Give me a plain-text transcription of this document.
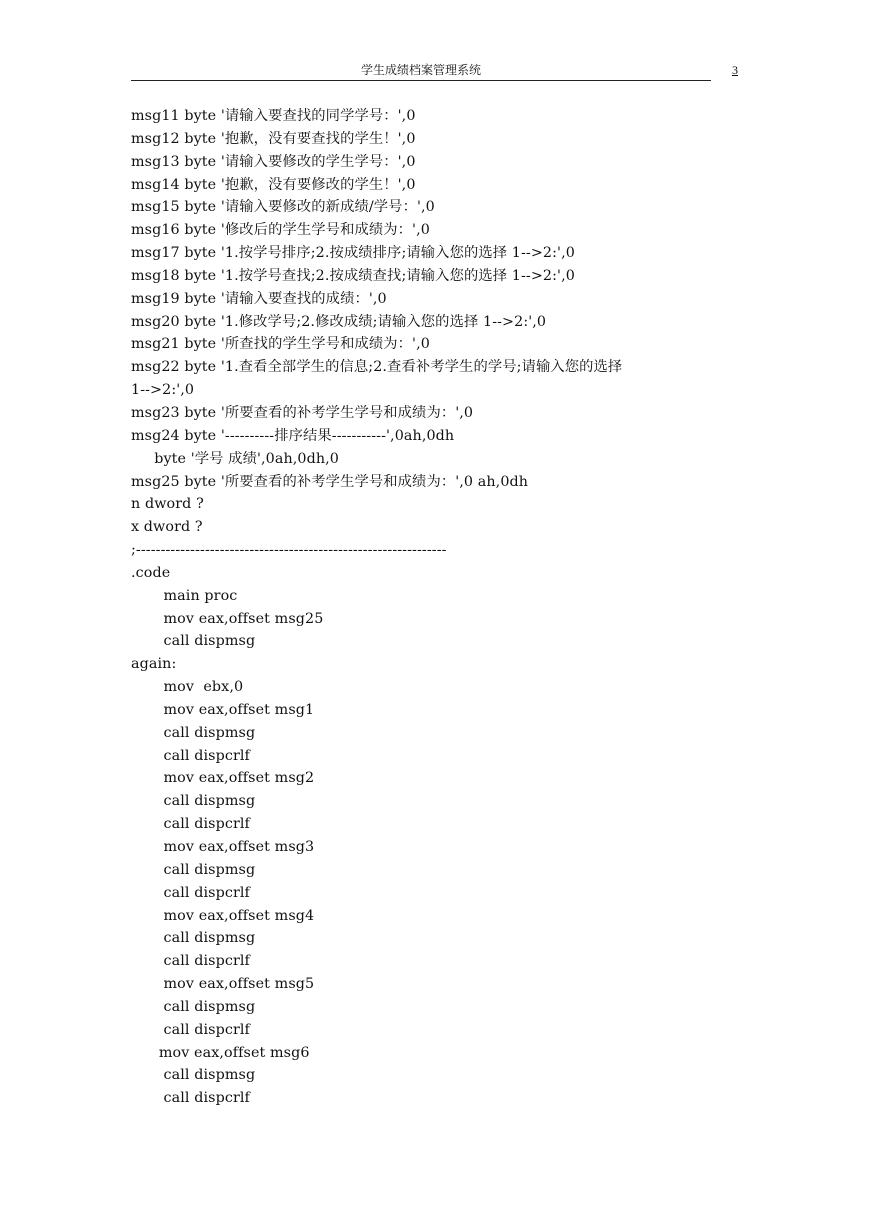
学生成绩档案管理系统	3
msg11 byte '请输入要查找的同学学号：',0
msg12 byte '抱歉，没有要查找的学生！',0
msg13 byte '请输入要修改的学生学号：',0
msg14 byte '抱歉，没有要修改的学生！',0
msg15 byte '请输入要修改的新成绩/学号：',0
msg16 byte '修改后的学生学号和成绩为：',0
msg17 byte '1.按学号排序;2.按成绩排序;请输入您的选择 1-->2:',0
msg18 byte '1.按学号查找;2.按成绩查找;请输入您的选择 1-->2:',0
msg19 byte '请输入要查找的成绩：',0
msg20 byte '1.修改学号;2.修改成绩;请输入您的选择 1-->2:',0
msg21 byte '所查找的学生学号和成绩为：',0
msg22 byte '1.查看全部学生的信息;2.查看补考学生的学号;请输入您的选择
1-->2:',0
msg23 byte '所要查看的补考学生学号和成绩为：',0
msg24 byte '----------排序结果-----------',0ah,0dh
byte '学号 成绩',0ah,0dh,0
msg25 byte '所要查看的补考学生学号和成绩为：',0 ah,0dh
n dword ?
x dword ?
;---------------------------------------------------------------
.code
main proc
mov eax,offset msg25
call dispmsg
again:
mov  ebx,0
mov eax,offset msg1
call dispmsg
call dispcrlf
mov eax,offset msg2
call dispmsg
call dispcrlf
mov eax,offset msg3
call dispmsg
call dispcrlf
mov eax,offset msg4
call dispmsg
call dispcrlf
mov eax,offset msg5
call dispmsg
call dispcrlf
mov eax,offset msg6
call dispmsg
call dispcrlf
